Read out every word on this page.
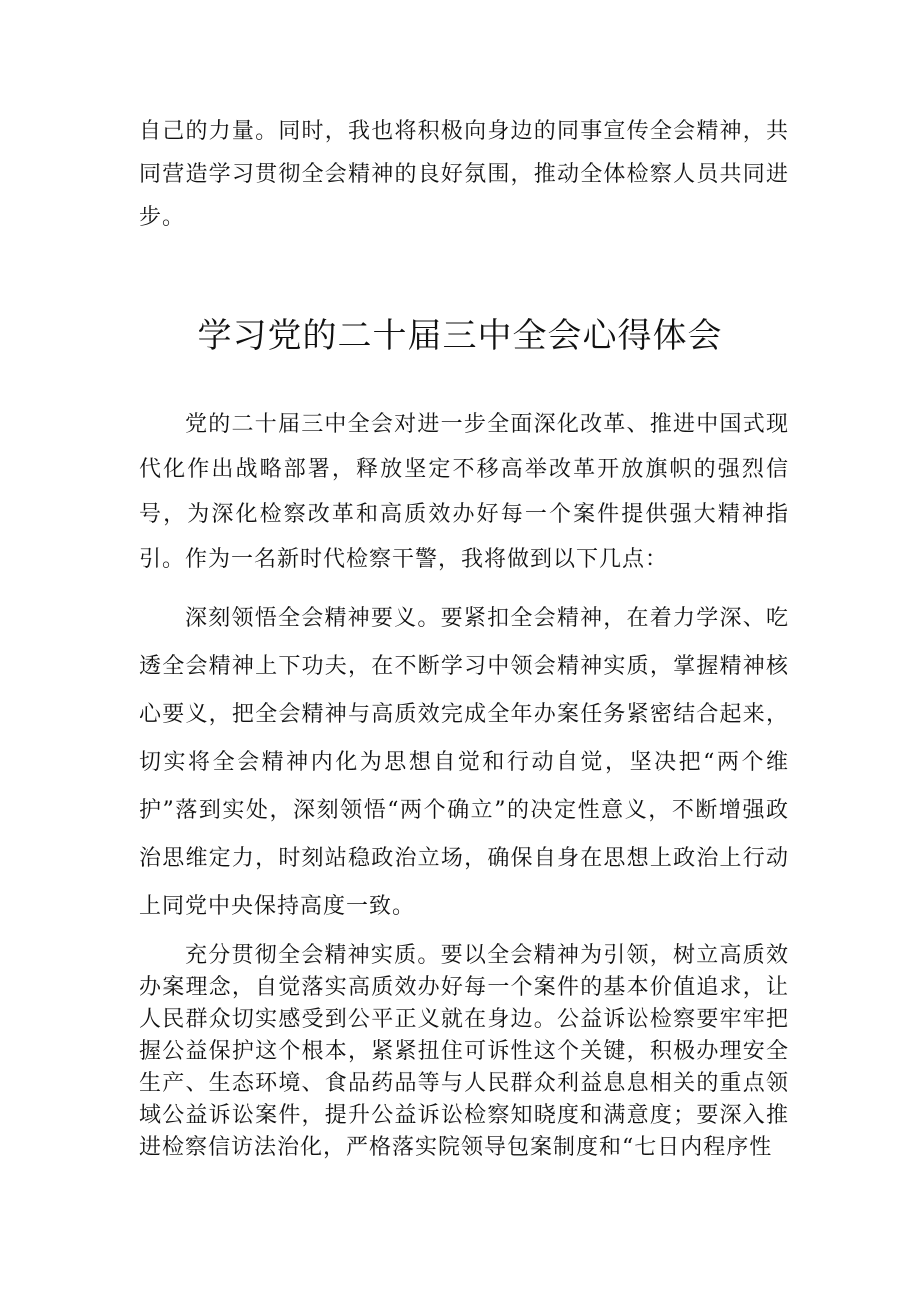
自己的力量。同时，我也将积极向身边的同事宣传全会精神，共同营造学习贯彻全会精神的良好氛围，推动全体检察人员共同进步。

学习党的二十届三中全会心得体会

党的二十届三中全会对进一步全面深化改革、推进中国式现代化作出战略部署，释放坚定不移高举改革开放旗帜的强烈信号，为深化检察改革和高质效办好每一个案件提供强大精神指引。作为一名新时代检察干警，我将做到以下几点：

深刻领悟全会精神要义。要紧扣全会精神，在着力学深、吃透全会精神上下功夫，在不断学习中领会精神实质，掌握精神核心要义，把全会精神与高质效完成全年办案任务紧密结合起来，切实将全会精神内化为思想自觉和行动自觉，坚决把“两个维护”落到实处，深刻领悟“两个确立”的决定性意义，不断增强政治思维定力，时刻站稳政治立场，确保自身在思想上政治上行动上同党中央保持高度一致。

充分贯彻全会精神实质。要以全会精神为引领，树立高质效办案理念，自觉落实高质效办好每一个案件的基本价值追求，让人民群众切实感受到公平正义就在身边。公益诉讼检察要牢牢把握公益保护这个根本，紧紧扭住可诉性这个关键，积极办理安全生产、生态环境、食品药品等与人民群众利益息息相关的重点领域公益诉讼案件，提升公益诉讼检察知晓度和满意度；要深入推进检察信访法治化，严格落实院领导包案制度和“七日内程序性
